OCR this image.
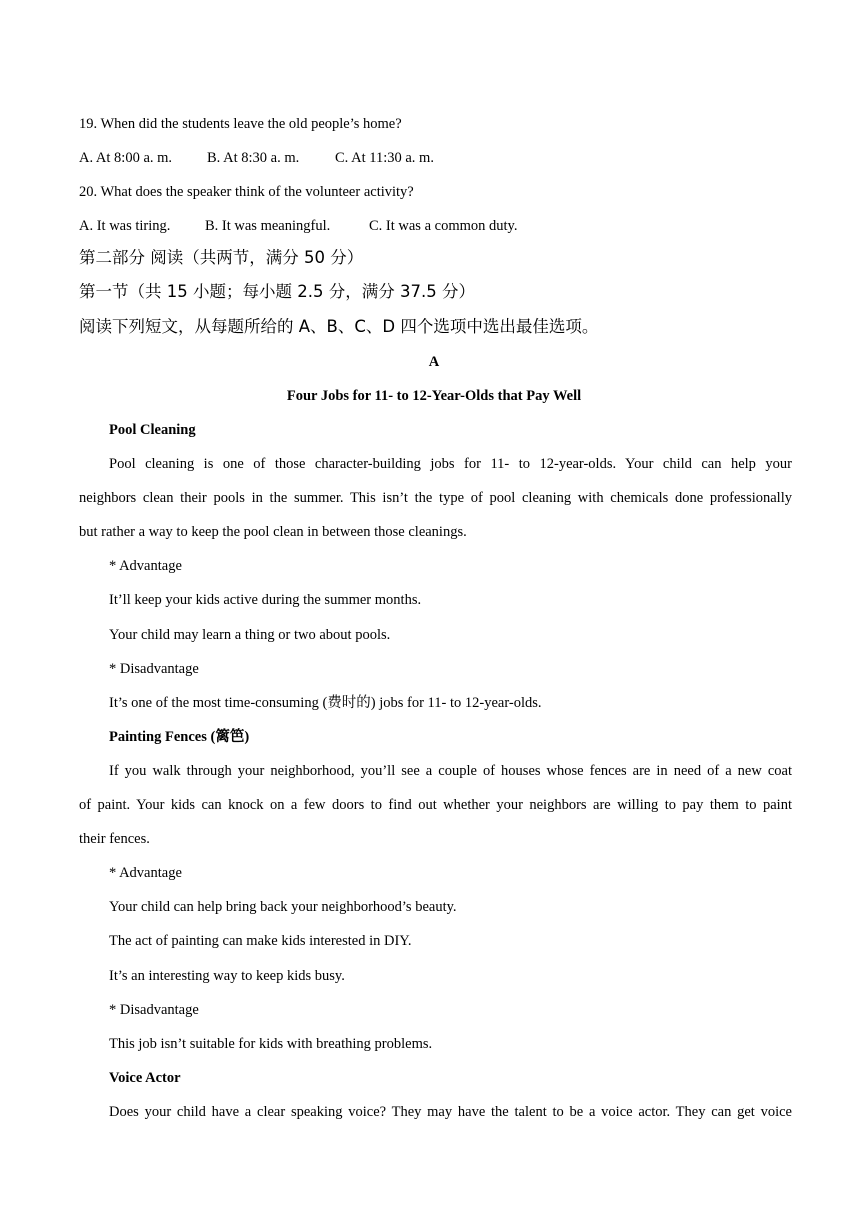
19. When did the students leave the old people’s home?
A. At 8:00 a. m. B. At 8:30 a. m. C. At 11:30 a. m.
20. What does the speaker think of the volunteer activity?
A. It was tiring. B. It was meaningful.	C. It was a common duty.
第二部分 阅读（共两节，满分 50 分）
第一节（共 15 小题；每小题 2.5 分，满分 37.5 分）
阅读下列短文，从每题所给的 A、B、C、D 四个选项中选出最佳选项。
A
Four Jobs for 11- to 12-Year-Olds that Pay Well
Pool Cleaning
Pool cleaning is one of those character-building jobs for 11- to 12-year-olds. Your child can help your
neighbors clean their pools in the summer. This isn’t the type of pool cleaning with chemicals done professionally
but rather a way to keep the pool clean in between those cleanings.
* Advantage
It’ll keep your kids active during the summer months.
Your child may learn a thing or two about pools.
* Disadvantage
It’s one of the most time-consuming (费时的) jobs for 11- to 12-year-olds.
Painting Fences (篱笆)
If you walk through your neighborhood, you’ll see a couple of houses whose fences are in need of a new coat
of paint. Your kids can knock on a few doors to find out whether your neighbors are willing to pay them to paint
their fences.
* Advantage
Your child can help bring back your neighborhood’s beauty.
The act of painting can make kids interested in DIY.
It’s an interesting way to keep kids busy.
* Disadvantage
This job isn’t suitable for kids with breathing problems.
Voice Actor
Does your child have a clear speaking voice? They may have the talent to be a voice actor. They can get voice
